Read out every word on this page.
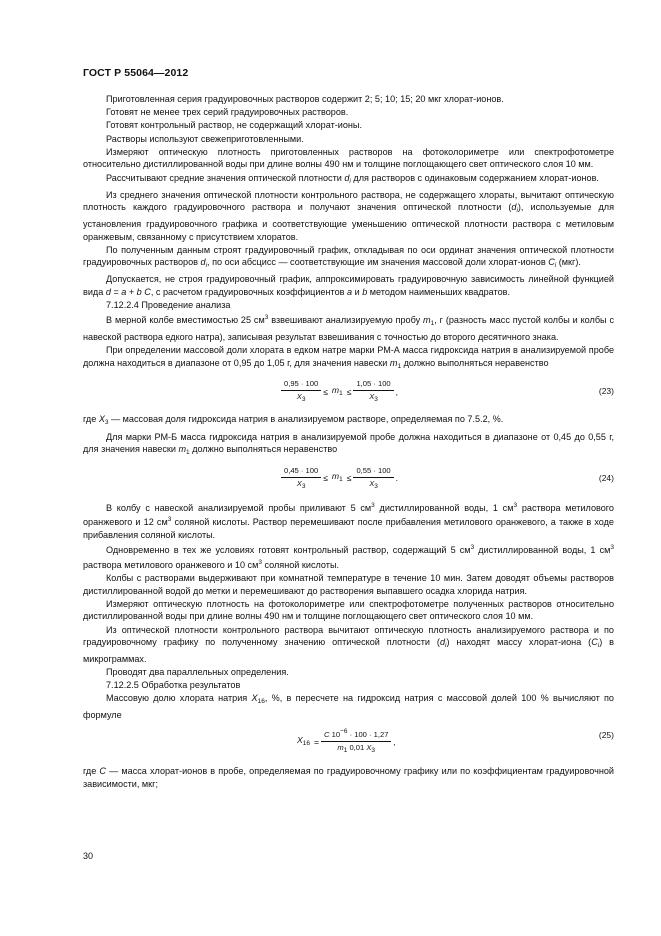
ГОСТ Р 55064—2012

Приготовленная серия градуировочных растворов содержит 2; 5; 10; 15; 20 мкг хлорат-ионов.

Готовят не менее трех серий градуировочных растворов.

Готовят контрольный раствор, не содержащий хлорат-ионы.

Растворы используют свежеприготовленными.

Измеряют оптическую плотность приготовленных растворов на фотоколориметре или спектрофотометре относительно дистиллированной воды при длине волны 490 нм и толщине поглощающего свет оптического слоя 10 мм.

Рассчитывают средние значения оптической плотности $d_i$ для растворов с одинаковым содержанием хлорат-ионов.

Из среднего значения оптической плотности контрольного раствора, не содержащего хлораты, вычитают оптическую плотность каждого градуировочного раствора и получают значения оптической плотности $(d_i)$, используемые для установления градуировочного графика и соответствующие уменьшению оптической плотности раствора с метиловым оранжевым, связанному с присутствием хлоратов.

По полученным данным строят градуировочный график, откладывая по оси ординат значения оптической плотности градуировочных растворов $d_i$, по оси абсцисс — соответствующие им значения массовой доли хлорат-ионов $C_i$ (мкг).

Допускается, не строя градуировочный график, аппроксимировать градуировочную зависимость линейной функцией вида d = a + b C, с расчетом градуировочных коэффициентов a и b методом наименьших квадратов.

7.12.2.4 Проведение анализа

В мерной колбе вместимостью 25 $см^3$ взвешивают анализируемую пробу $m_1$, г (разность масс пустой колбы и колбы с навеской раствора едкого натра), записывая результат взвешивания с точностью до второго десятичного знака.

При определении массовой доли хлората в едком натре марки РМ-А масса гидроксида натрия в анализируемой пробе должна находиться в диапазоне от 0,95 до 1,05 г, для значения навески $m_1$ должно выполняться неравенство

$\frac{0,95 \cdot 100}{X3} \le m_1 \le \frac{1,05 \cdot 100}{X3}$ ,	(23)

где $X_3$ — массовая доля гидроксида натрия в анализируемом растворе, определяемая по 7.5.2, %.

Для марки РМ-Б масса гидроксида натрия в анализируемой пробе должна находиться в диапазоне от 0,45 до 0,55 г, для значения навески $m_1$ должно выполняться неравенство

$\frac{0,45 \cdot 100}{X3} \le m_1 \le \frac{0,55 \cdot 100}{X3}$ .	(24)

В колбу с навеской анализируемой пробы приливают 5 $см^3$ дистиллированной воды, 1 $см^3$ раствора метилового оранжевого и 12 $см^3$ соляной кислоты. Раствор перемешивают после прибавления метилового оранжевого, а также в ходе прибавления соляной кислоты.

Одновременно в тех же условиях готовят контрольный раствор, содержащий 5 $см^3$ дистиллированной воды, 1 $см^3$ раствора метилового оранжевого и 10 $см^3$ соляной кислоты.

Колбы с растворами выдерживают при комнатной температуре в течение 10 мин. Затем доводят объемы растворов дистиллированной водой до метки и перемешивают до растворения выпавшего осадка хлорида натрия.

Измеряют оптическую плотность на фотоколориметре или спектрофотометре полученных растворов относительно дистиллированной воды при длине волны 490 нм и толщине поглощающего свет оптического слоя 10 мм.

Из оптической плотности контрольного раствора вычитают оптическую плотность анализируемого раствора и по градуировочному графику по полученному значению оптической плотности $(d_i)$ находят массу хлорат-иона $(C_i)$ в микрограммах.

Проводят два параллельных определения.

7.12.2.5 Обработка результатов

Массовую долю хлората натрия $X_{16}$, %, в пересчете на гидроксид натрия с массовой долей 100 % вычисляют по формуле

$X_{16} = \frac{C 10-6 \cdot 100 \cdot 1,27}{m1 0,01 X3}$ ,
(25)

где C — масса хлорат-ионов в пробе, определяемая по градуировочному графику или по коэффициентам градуировочной зависимости, мкг;

30
